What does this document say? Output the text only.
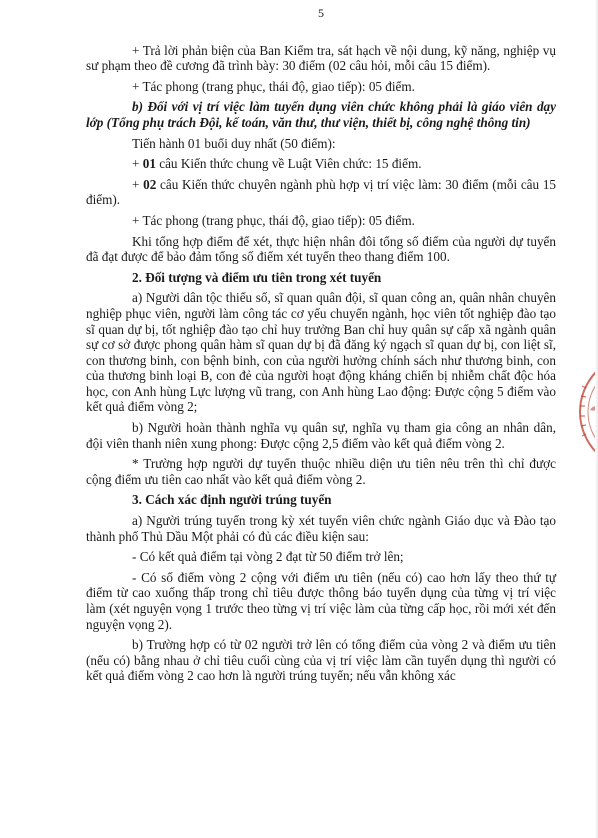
5

+ Trả lời phản biện của Ban Kiểm tra, sát hạch về nội dung, kỹ năng, nghiệp vụ sư phạm theo đề cương đã trình bày: 30 điểm (02 câu hỏi, mỗi câu 15 điểm).

+ Tác phong (trang phục, thái độ, giao tiếp): 05 điểm.

b) Đối với vị trí việc làm tuyển dụng viên chức không phải là giáo viên dạy lớp (Tổng phụ trách Đội, kế toán, văn thư, thư viện, thiết bị, công nghệ thông tin)

Tiến hành 01 buổi duy nhất (50 điểm):

+ 01 câu Kiến thức chung về Luật Viên chức: 15 điểm.

+ 02 câu Kiến thức chuyên ngành phù hợp vị trí việc làm: 30 điểm (mỗi câu 15 điểm).

+ Tác phong (trang phục, thái độ, giao tiếp): 05 điểm.

Khi tổng hợp điểm để xét, thực hiện nhân đôi tổng số điểm của người dự tuyển đã đạt được để bảo đảm tổng số điểm xét tuyển theo thang điểm 100.

2. Đối tượng và điểm ưu tiên trong xét tuyển

a) Người dân tộc thiểu số, sĩ quan quân đội, sĩ quan công an, quân nhân chuyên nghiệp phục viên, người làm công tác cơ yếu chuyển ngành, học viên tốt nghiệp đào tạo sĩ quan dự bị, tốt nghiệp đào tạo chỉ huy trưởng Ban chỉ huy quân sự cấp xã ngành quân sự cơ sở được phong quân hàm sĩ quan dự bị đã đăng ký ngạch sĩ quan dự bị, con liệt sĩ, con thương binh, con bệnh binh, con của người hưởng chính sách như thương binh, con của thương binh loại B, con đẻ của người hoạt động kháng chiến bị nhiễm chất độc hóa học, con Anh hùng Lực lượng vũ trang, con Anh hùng Lao động: Được cộng 5 điểm vào kết quả điểm vòng 2;

b) Người hoàn thành nghĩa vụ quân sự, nghĩa vụ tham gia công an nhân dân, đội viên thanh niên xung phong: Được cộng 2,5 điểm vào kết quả điểm vòng 2.

* Trường hợp người dự tuyển thuộc nhiều diện ưu tiên nêu trên thì chỉ được cộng điểm ưu tiên cao nhất vào kết quả điểm vòng 2.

3. Cách xác định người trúng tuyển

a) Người trúng tuyển trong kỳ xét tuyển viên chức ngành Giáo dục và Đào tạo thành phố Thủ Dầu Một phải có đủ các điều kiện sau:

- Có kết quả điểm tại vòng 2 đạt từ 50 điểm trở lên;

- Có số điểm vòng 2 cộng với điểm ưu tiên (nếu có) cao hơn lấy theo thứ tự điểm từ cao xuống thấp trong chỉ tiêu được thông báo tuyển dụng của từng vị trí việc làm (xét nguyện vọng 1 trước theo từng vị trí việc làm của từng cấp học, rồi mới xét đến nguyện vọng 2).

b) Trường hợp có từ 02 người trở lên có tổng điểm của vòng 2 và điểm ưu tiên (nếu có) bằng nhau ở chỉ tiêu cuối cùng của vị trí việc làm cần tuyển dụng thì người có kết quả điểm vòng 2 cao hơn là người trúng tuyển; nếu vẫn không xác
